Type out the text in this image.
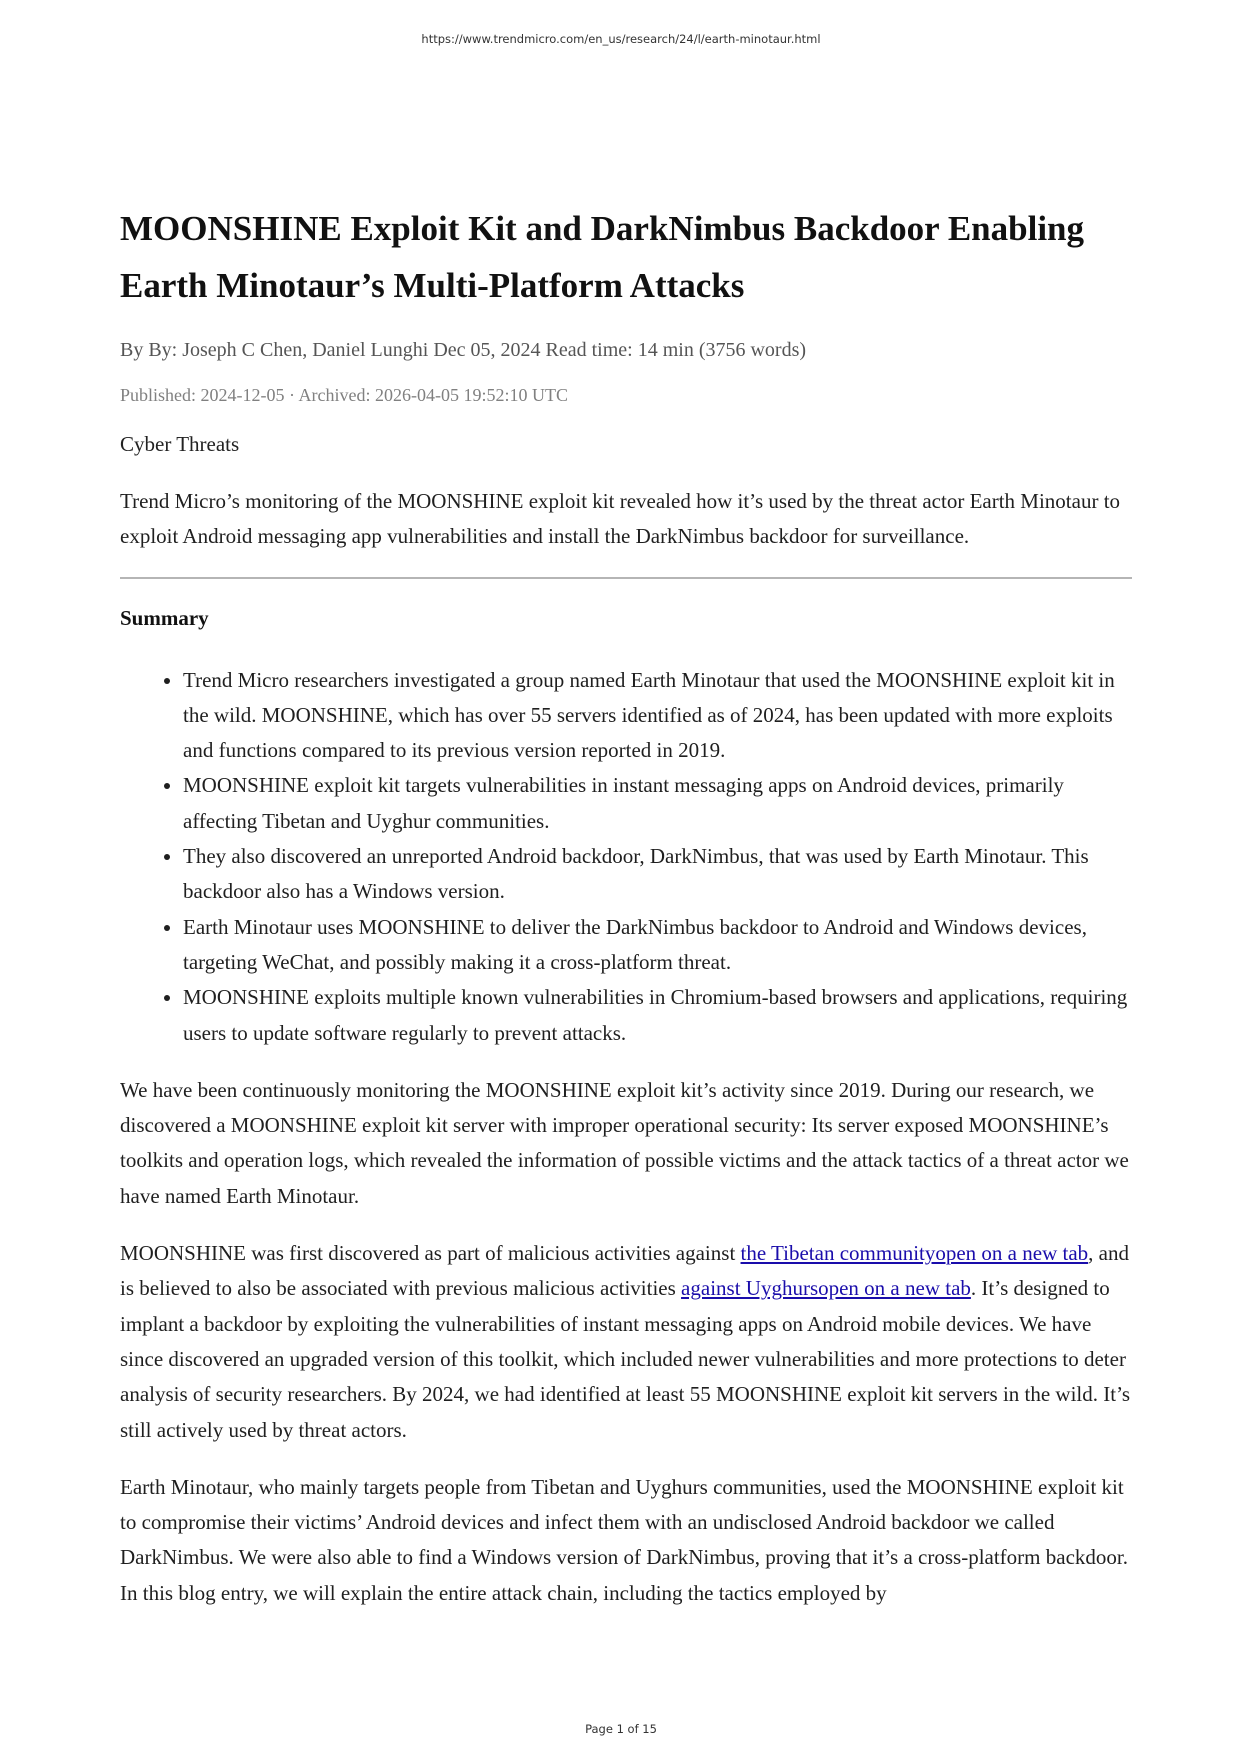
https://www.trendmicro.com/en_us/research/24/l/earth-minotaur.html
MOONSHINE Exploit Kit and DarkNimbus Backdoor Enabling Earth Minotaur’s Multi-Platform Attacks
By By: Joseph C Chen, Daniel Lunghi Dec 05, 2024 Read time: 14 min (3756 words)
Published: 2024-12-05 · Archived: 2026-04-05 19:52:10 UTC
Cyber Threats

Trend Micro’s monitoring of the MOONSHINE exploit kit revealed how it’s used by the threat actor Earth Minotaur to exploit Android messaging app vulnerabilities and install the DarkNimbus backdoor for surveillance.

Summary
• Trend Micro researchers investigated a group named Earth Minotaur that used the MOONSHINE exploit kit in the wild. MOONSHINE, which has over 55 servers identified as of 2024, has been updated with more exploits and functions compared to its previous version reported in 2019.
• MOONSHINE exploit kit targets vulnerabilities in instant messaging apps on Android devices, primarily affecting Tibetan and Uyghur communities.
• They also discovered an unreported Android backdoor, DarkNimbus, that was used by Earth Minotaur. This backdoor also has a Windows version.
• Earth Minotaur uses MOONSHINE to deliver the DarkNimbus backdoor to Android and Windows devices, targeting WeChat, and possibly making it a cross-platform threat.
• MOONSHINE exploits multiple known vulnerabilities in Chromium-based browsers and applications, requiring users to update software regularly to prevent attacks.

We have been continuously monitoring the MOONSHINE exploit kit’s activity since 2019. During our research, we discovered a MOONSHINE exploit kit server with improper operational security: Its server exposed MOONSHINE’s toolkits and operation logs, which revealed the information of possible victims and the attack tactics of a threat actor we have named Earth Minotaur.

MOONSHINE was first discovered as part of malicious activities against the Tibetan communityopen on a new tab, and is believed to also be associated with previous malicious activities against Uyghursopen on a new tab. It’s designed to implant a backdoor by exploiting the vulnerabilities of instant messaging apps on Android mobile devices. We have since discovered an upgraded version of this toolkit, which included newer vulnerabilities and more protections to deter analysis of security researchers. By 2024, we had identified at least 55 MOONSHINE exploit kit servers in the wild. It’s still actively used by threat actors.

Earth Minotaur, who mainly targets people from Tibetan and Uyghurs communities, used the MOONSHINE exploit kit to compromise their victims’ Android devices and infect them with an undisclosed Android backdoor we called DarkNimbus. We were also able to find a Windows version of DarkNimbus, proving that it’s a cross-platform backdoor. In this blog entry, we will explain the entire attack chain, including the tactics employed by

Page 1 of 15
